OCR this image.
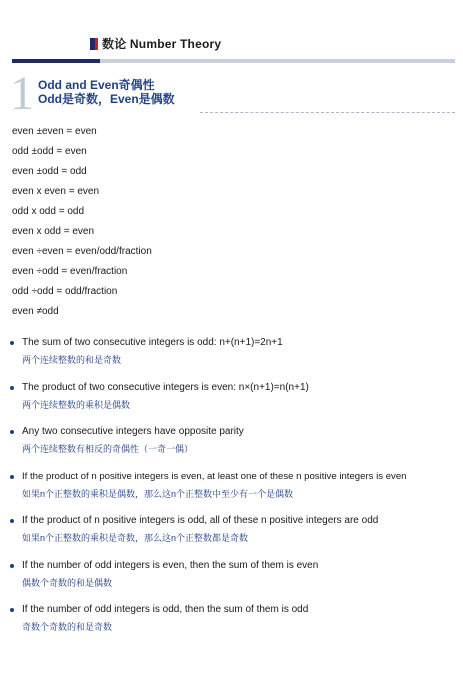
数论 Number Theory
1 Odd and Even奇偶性
Odd是奇数，Even是偶数
even ±even = even
odd ±odd = even
even ±odd = odd
even x even = even
odd x odd = odd
even x odd = even
even ÷even = even/odd/fraction
even ÷odd = even/fraction
odd ÷odd = odd/fraction
even ≠odd
The sum of two consecutive integers is odd: n+(n+1)=2n+1
两个连续整数的和是奇数
The product of two consecutive integers is even: n×(n+1)=n(n+1)
两个连续整数的乘积是偶数
Any two consecutive integers have opposite parity
两个连续整数有相反的奇偶性（一奇一偶）
If the product of n positive integers is even, at least one of these n positive integers is even
如果n个正整数的乘积是偶数，那么这n个正整数中至少有一个是偶数
If the product of n positive integers is odd, all of these n positive integers are odd
如果n个正整数的乘积是奇数，那么这n个正整数都是奇数
If the number of odd integers is even, then the sum of them is even
偶数个奇数的和是偶数
If the number of odd integers is odd, then the sum of them is odd
奇数个奇数的和是奇数
